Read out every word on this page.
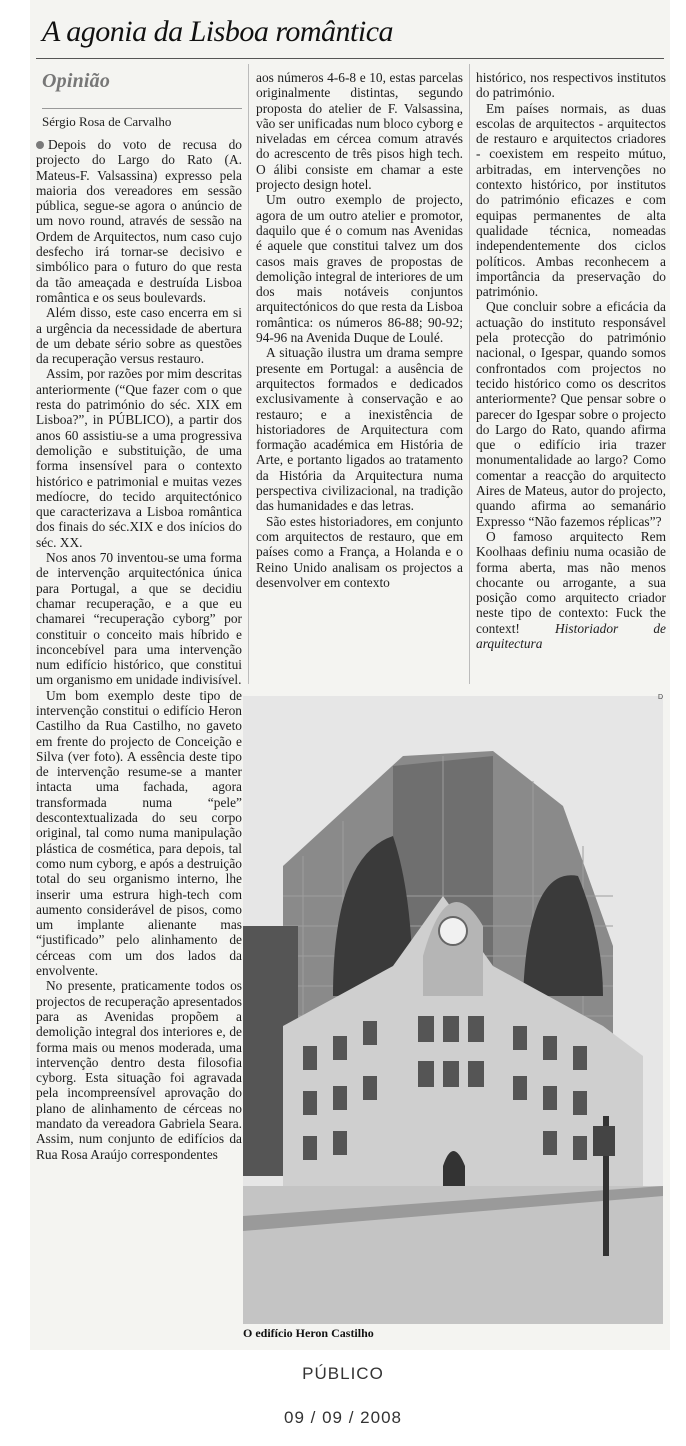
A agonia da Lisboa romântica
Opinião
Sérgio Rosa de Carvalho

Depois do voto de recusa do projecto do Largo do Rato (A. Mateus-F. Valsassina) expresso pela maioria dos vereadores em sessão pública, segue-se agora o anúncio de um novo round, através de sessão na Ordem de Arquitectos, num caso cujo desfecho irá tornar-se decisivo e simbólico para o futuro do que resta da tão ameaçada e destruída Lisboa romântica e os seus boulevards.

Além disso, este caso encerra em si a urgência da necessidade de abertura de um debate sério sobre as questões da recuperação versus restauro.

Assim, por razões por mim descritas anteriormente (“Que fazer com o que resta do património do séc. XIX em Lisboa?”, in PÚBLICO), a partir dos anos 60 assistiu-se a uma progressiva demolição e substituição, de uma forma insensível para o contexto histórico e patrimonial e muitas vezes medíocre, do tecido arquitectónico que caracterizava a Lisboa romântica dos finais do séc.XIX e dos inícios do séc. XX.

Nos anos 70 inventou-se uma forma de intervenção arquitectónica única para Portugal, a que se decidiu chamar recuperação, e a que eu chamarei “recuperação cyborg” por constituir o conceito mais híbrido e inconcebível para uma intervenção num edifício histórico, que constitui um organismo em unidade indivisível.

Um bom exemplo deste tipo de intervenção constitui o edifício Heron Castilho da Rua Castilho, no gaveto em frente do projecto de Conceição e Silva (ver foto). A essência deste tipo de intervenção resume-se a manter intacta uma fachada, agora transformada numa “pele” descontextualizada do seu corpo original, tal como numa manipulação plástica de cosmética, para depois, tal como num cyborg, e após a destruição total do seu organismo interno, lhe inserir uma estrura high-tech com aumento considerável de pisos, como um implante alienante mas “justificado” pelo alinhamento de cérceas com um dos lados da envolvente.

No presente, praticamente todos os projectos de recuperação apresentados para as Avenidas propõem a demolição integral dos interiores e, de forma mais ou menos moderada, uma intervenção dentro desta filosofia cyborg. Esta situação foi agravada pela incompreensível aprovação do plano de alinhamento de cérceas no mandato da vereadora Gabriela Seara. Assim, num conjunto de edifícios da Rua Rosa Araújo correspondentes

aos números 4-6-8 e 10, estas parcelas originalmente distintas, segundo proposta do atelier de F. Valsassina, vão ser unificadas num bloco cyborg e niveladas em cércea comum através do acrescento de três pisos high tech. O álibi consiste em chamar a este projecto design hotel.

Um outro exemplo de projecto, agora de um outro atelier e promotor, daquilo que é o comum nas Avenidas é aquele que constitui talvez um dos casos mais graves de propostas de demolição integral de interiores de um dos mais notáveis conjuntos arquitectónicos do que resta da Lisboa romântica: os números 86-88; 90-92; 94-96 na Avenida Duque de Loulé.

A situação ilustra um drama sempre presente em Portugal: a ausência de arquitectos formados e dedicados exclusivamente à conservação e ao restauro; e a inexistência de historiadores de Arquitectura com formação académica em História de Arte, e portanto ligados ao tratamento da História da Arquitectura numa perspectiva civilizacional, na tradição das humanidades e das letras.

São estes historiadores, em conjunto com arquitectos de restauro, que em países como a França, a Holanda e o Reino Unido analisam os projectos a desenvolver em contexto

histórico, nos respectivos institutos do património.

Em países normais, as duas escolas de arquitectos - arquitectos de restauro e arquitectos criadores - coexistem em respeito mútuo, arbitradas, em intervenções no contexto histórico, por institutos do património eficazes e com equipas permanentes de alta qualidade técnica, nomeadas independentemente dos ciclos políticos. Ambas reconhecem a importância da preservação do património.

Que concluir sobre a eficácia da actuação do instituto responsável pela protecção do património nacional, o Igespar, quando somos confrontados com projectos no tecido histórico como os descritos anteriormente? Que pensar sobre o parecer do Igespar sobre o projecto do Largo do Rato, quando afirma que o edifício iria trazer monumentalidade ao largo? Como comentar a reacção do arquitecto Aires de Mateus, autor do projecto, quando afirma ao semanário Expresso “Não fazemos réplicas”?

O famoso arquitecto Rem Koolhaas definiu numa ocasião de forma aberta, mas não menos chocante ou arrogante, a sua posição como arquitecto criador neste tipo de contexto: Fuck the context!	Historiador de arquitectura

O edifício Heron Castilho
D
PÚBLICO
09 / 09 / 2008
